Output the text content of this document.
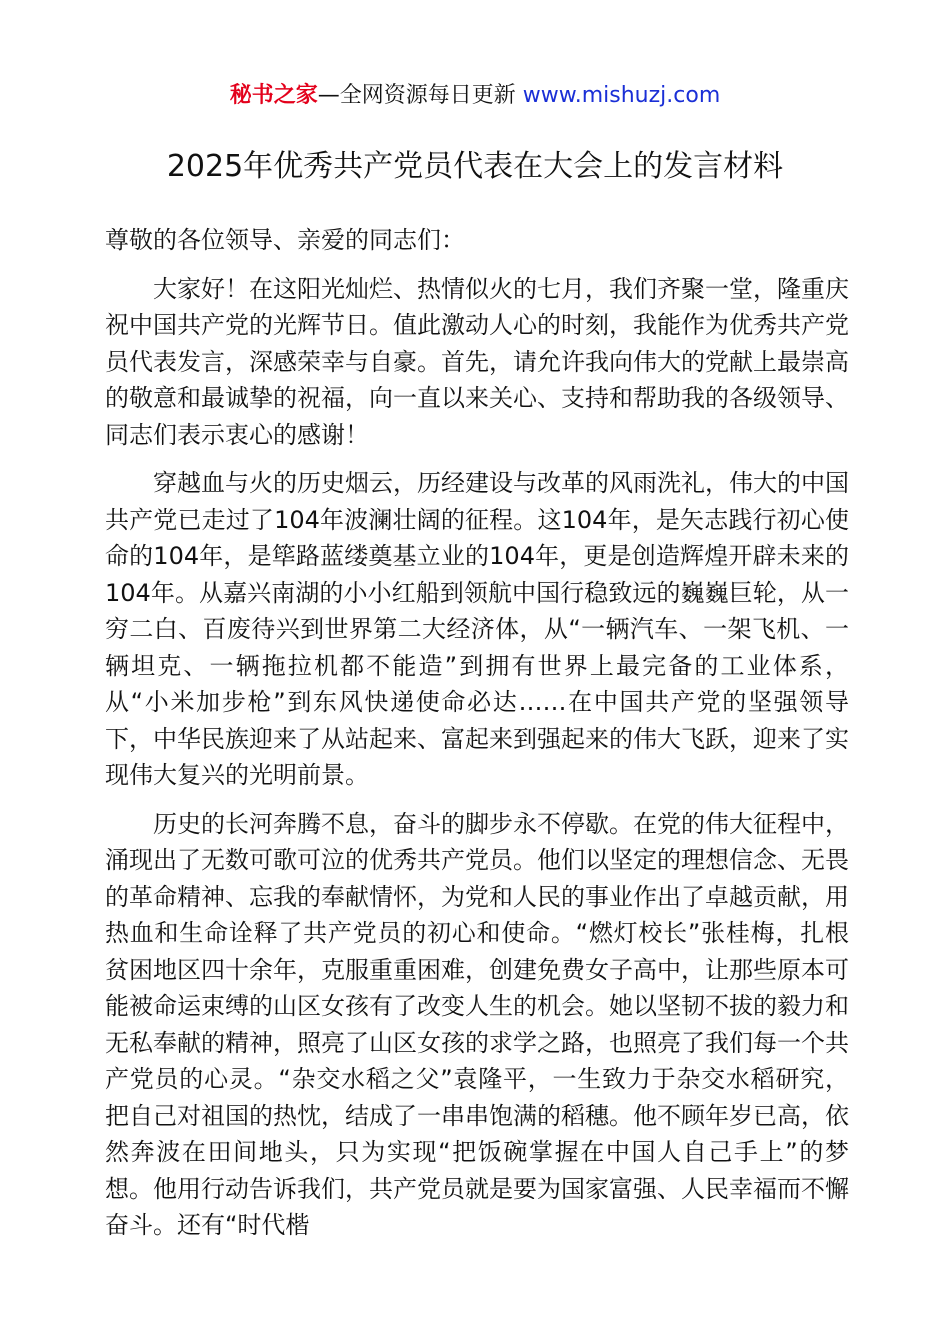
秘书之家—全网资源每日更新 www.mishuzj.com
2025年优秀共产党员代表在大会上的发言材料

尊敬的各位领导、亲爱的同志们：

大家好！在这阳光灿烂、热情似火的七月，我们齐聚一堂，隆重庆祝中国共产党的光辉节日。值此激动人心的时刻，我能作为优秀共产党员代表发言，深感荣幸与自豪。首先，请允许我向伟大的党献上最崇高的敬意和最诚挚的祝福，向一直以来关心、支持和帮助我的各级领导、同志们表示衷心的感谢！

穿越血与火的历史烟云，历经建设与改革的风雨洗礼，伟大的中国共产党已走过了104年波澜壮阔的征程。这104年，是矢志践行初心使命的104年，是筚路蓝缕奠基立业的104年，更是创造辉煌开辟未来的104年。从嘉兴南湖的小小红船到领航中国行稳致远的巍巍巨轮，从一穷二白、百废待兴到世界第二大经济体，从“一辆汽车、一架飞机、一辆坦克、一辆拖拉机都不能造”到拥有世界上最完备的工业体系，从“小米加步枪”到东风快递使命必达……在中国共产党的坚强领导下，中华民族迎来了从站起来、富起来到强起来的伟大飞跃，迎来了实现伟大复兴的光明前景。

历史的长河奔腾不息，奋斗的脚步永不停歇。在党的伟大征程中，涌现出了无数可歌可泣的优秀共产党员。他们以坚定的理想信念、无畏的革命精神、忘我的奉献情怀，为党和人民的事业作出了卓越贡献，用热血和生命诠释了共产党员的初心和使命。“燃灯校长”张桂梅，扎根贫困地区四十余年，克服重重困难，创建免费女子高中，让那些原本可能被命运束缚的山区女孩有了改变人生的机会。她以坚韧不拔的毅力和无私奉献的精神，照亮了山区女孩的求学之路，也照亮了我们每一个共产党员的心灵。“杂交水稻之父”袁隆平，一生致力于杂交水稻研究，把自己对祖国的热忱，结成了一串串饱满的稻穗。他不顾年岁已高，依然奔波在田间地头，只为实现“把饭碗掌握在中国人自己手上”的梦想。他用行动告诉我们，共产党员就是要为国家富强、人民幸福而不懈奋斗。还有“时代楷
